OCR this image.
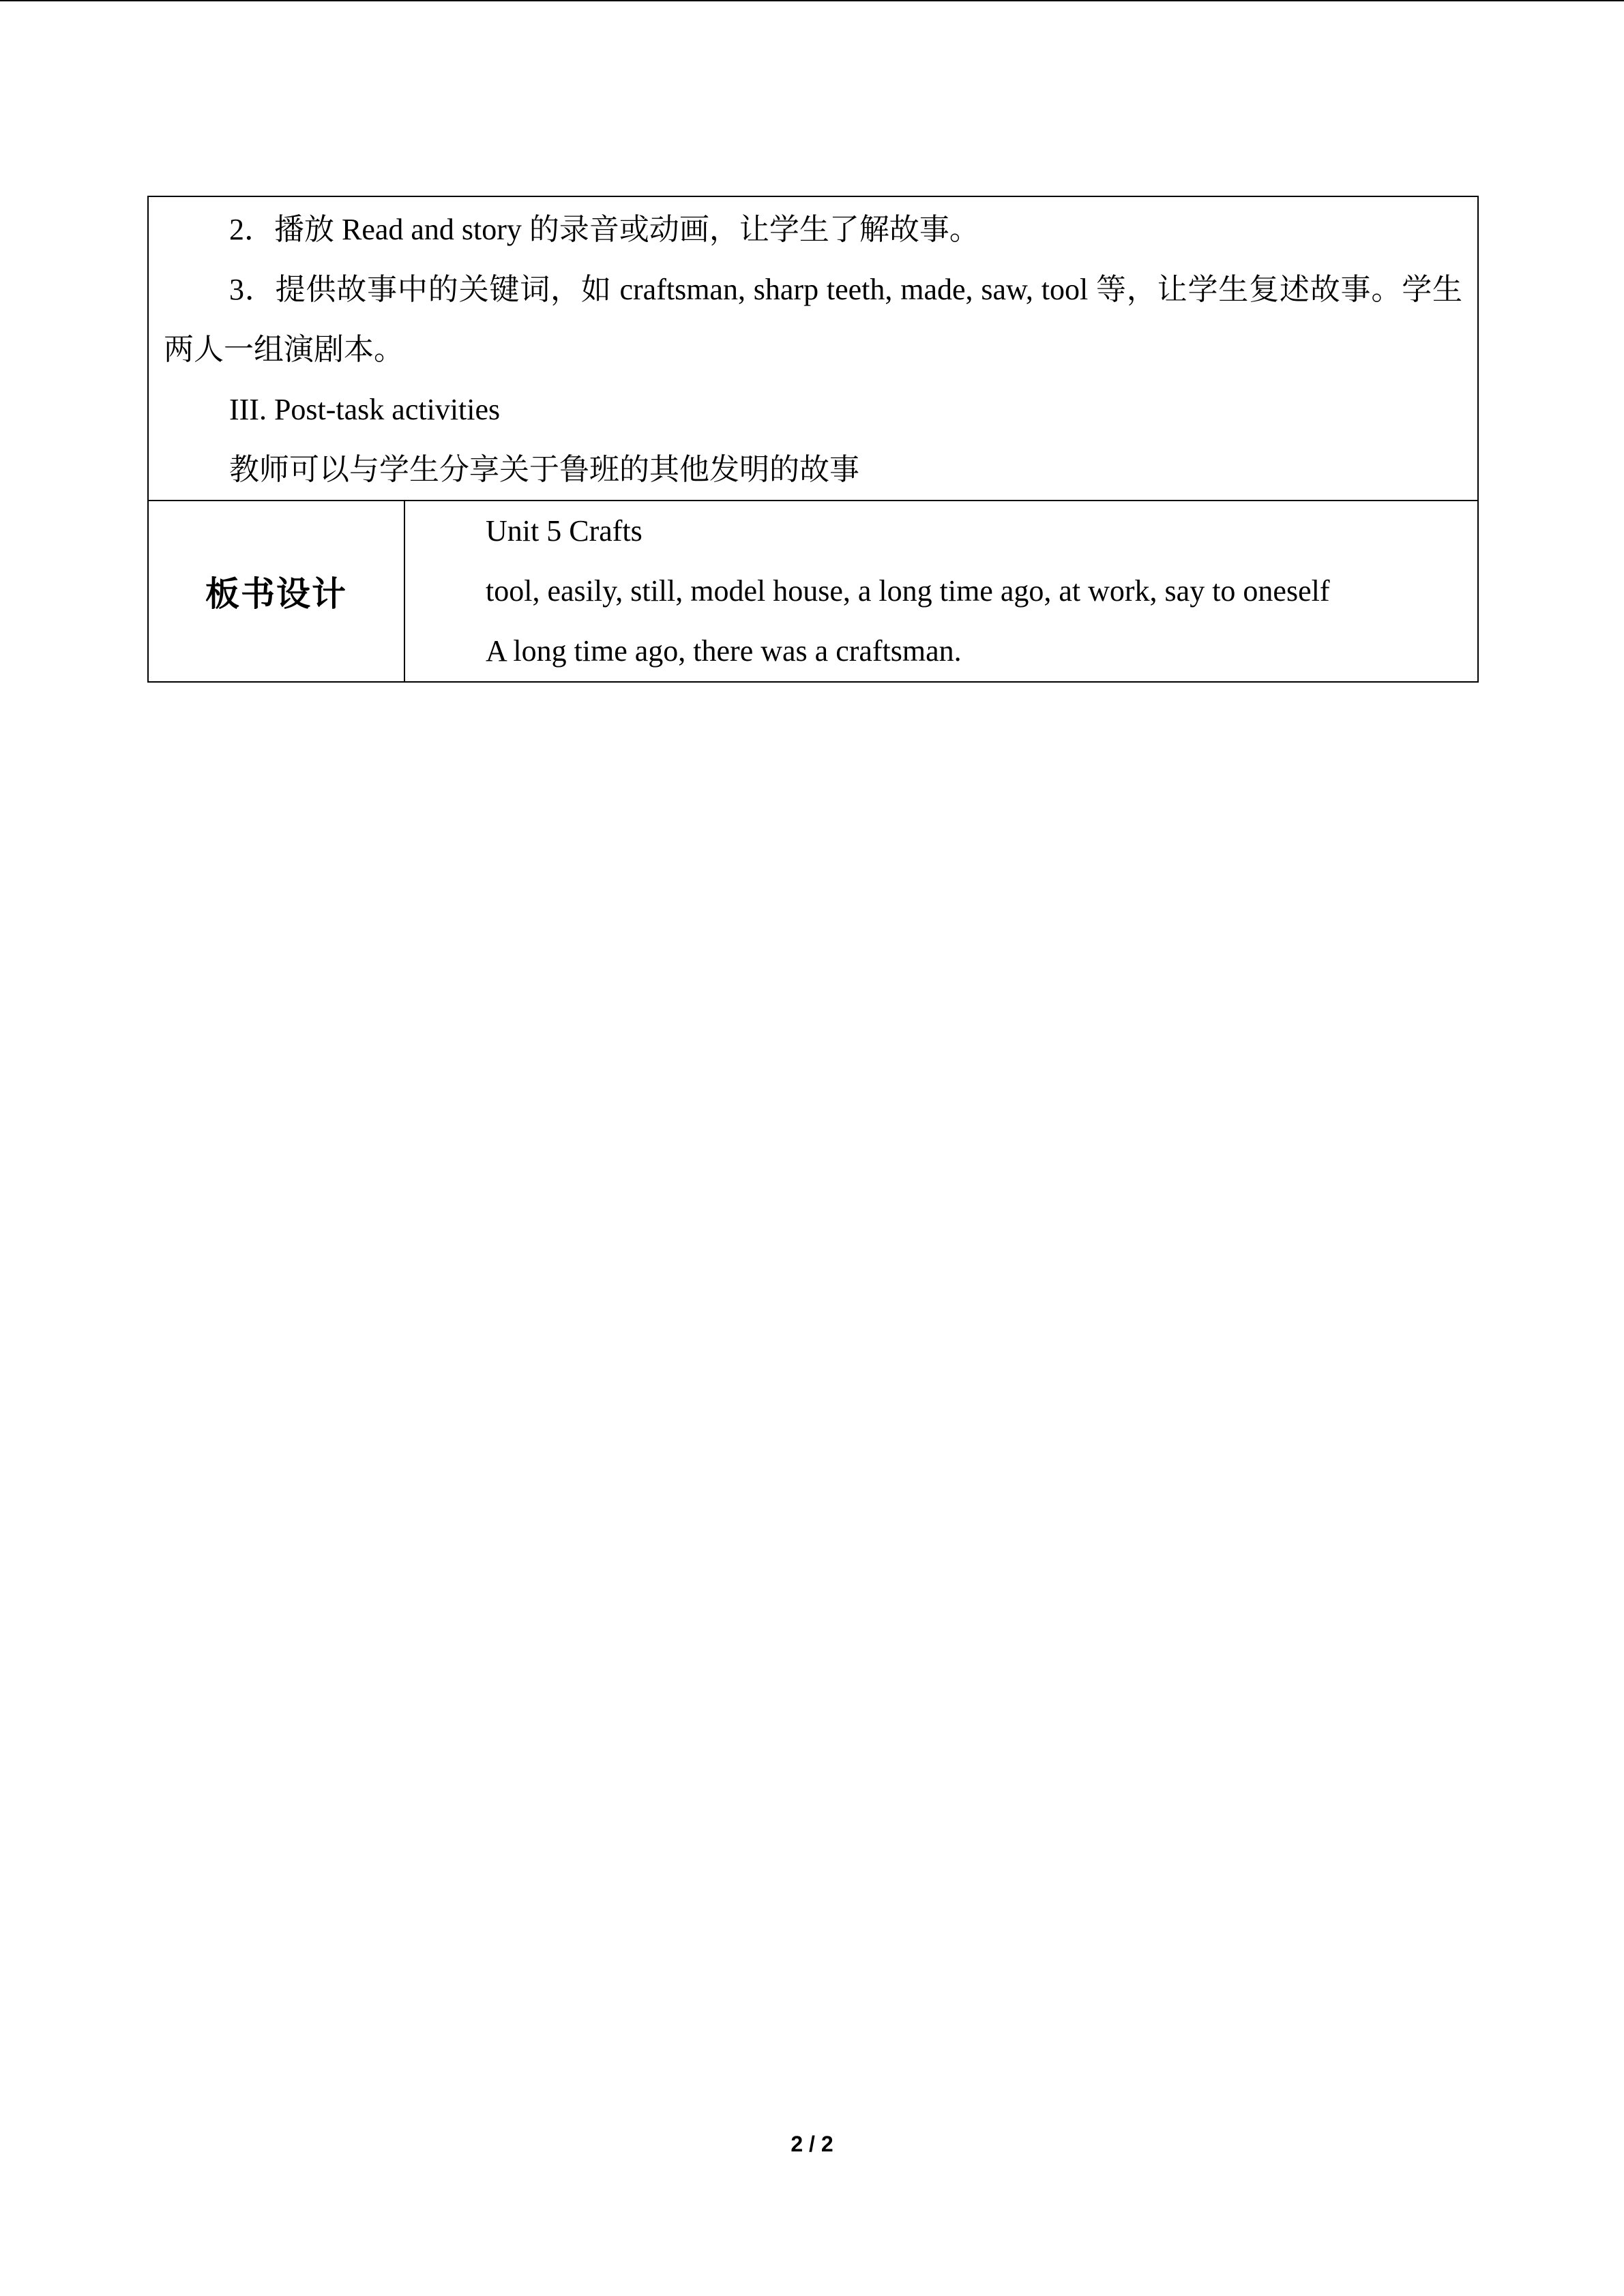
2．播放 Read and story 的录音或动画，让学生了解故事。

3．提供故事中的关键词，如 craftsman, sharp teeth, made, saw, tool 等，让学生复述故事。学生两人一组演剧本。

III. Post-task activities

教师可以与学生分享关于鲁班的其他发明的故事

板书设计	

Unit 5 Crafts

tool, easily, still, model house, a long time ago, at work, say to oneself

A long time ago, there was a craftsman.

2 / 2
